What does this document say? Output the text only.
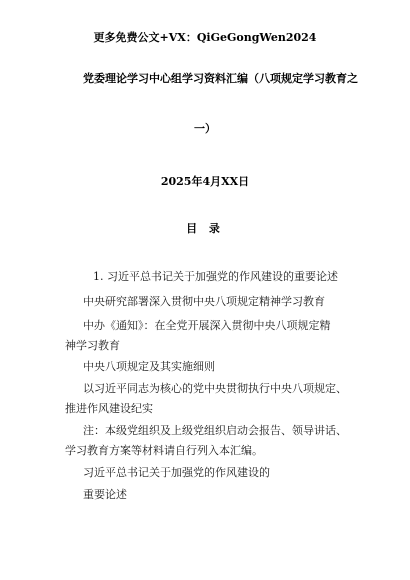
更多免费公文+VX：QiGeGongWen2024
党委理论学习中心组学习资料汇编（八项规定学习教育之
一）
2025年4月XX日
目 录
1. 习近平总书记关于加强党的作风建设的重要论述
中央研究部署深入贯彻中央八项规定精神学习教育
中办《通知》：在全党开展深入贯彻中央八项规定精
神学习教育
中央八项规定及其实施细则
以习近平同志为核心的党中央贯彻执行中央八项规定、
推进作风建设纪实
注：本级党组织及上级党组织启动会报告、领导讲话、
学习教育方案等材料请自行列入本汇编。
习近平总书记关于加强党的作风建设的
重要论述
